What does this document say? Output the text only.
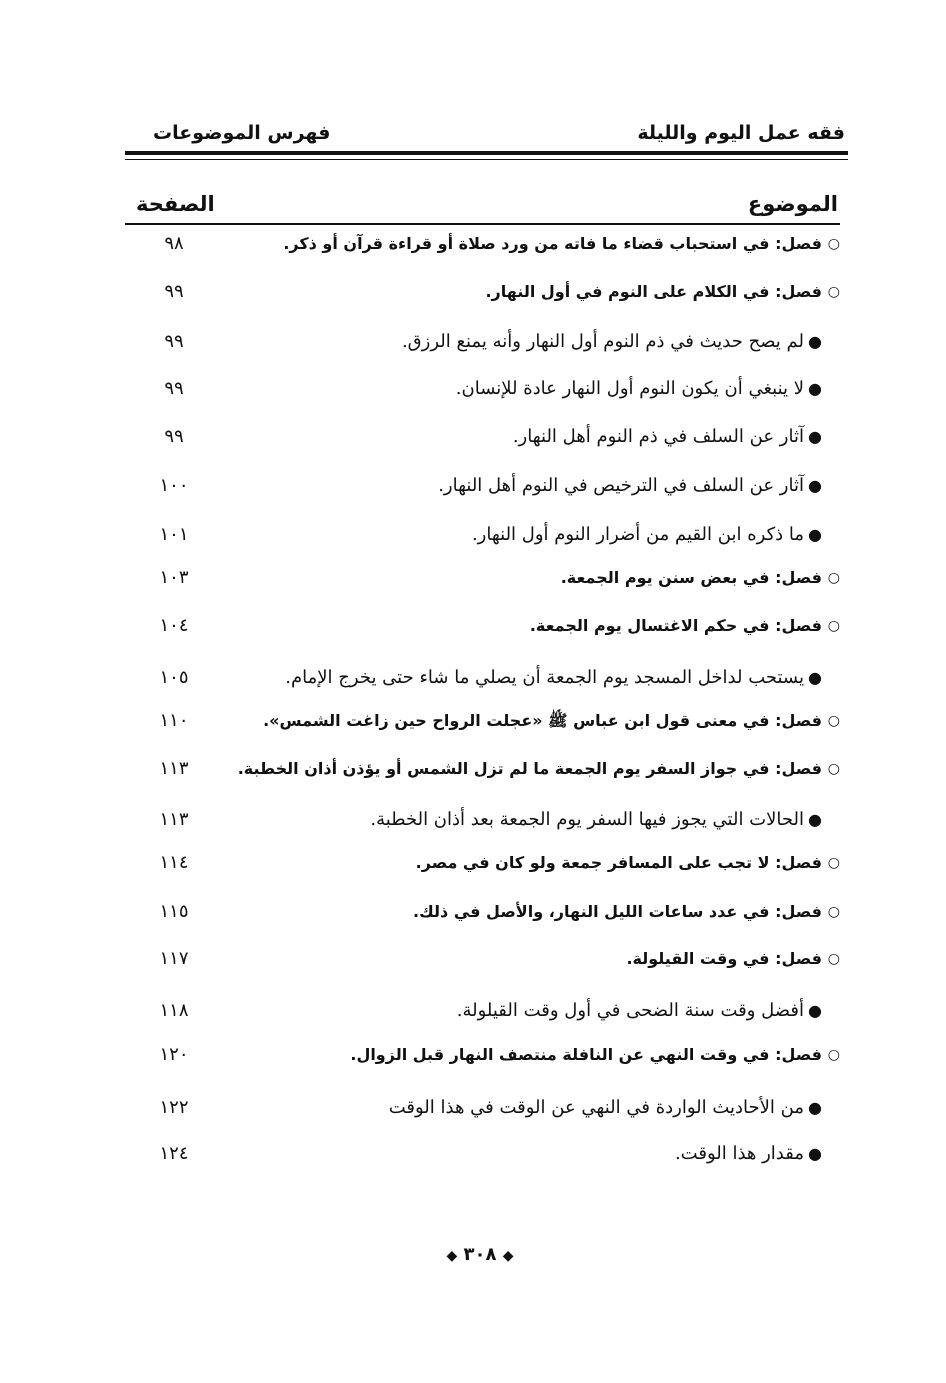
فقه عمل اليوم والليلة
فهرس الموضوعات
الموضوع
الصفحة
○
فصل: في استحباب قضاء ما فاته من ورد صلاة أو قراءة قرآن أو ذكر.
٩٨
○
فصل: في الكلام على النوم في أول النهار.
٩٩
●
لم يصح حديث في ذم النوم أول النهار وأنه يمنع الرزق.
٩٩
●
لا ينبغي أن يكون النوم أول النهار عادة للإنسان.
٩٩
●
آثار عن السلف في ذم النوم أهل النهار.
٩٩
●
آثار عن السلف في الترخيص في النوم أهل النهار.
١٠٠
●
ما ذكره ابن القيم من أضرار النوم أول النهار.
١٠١
○
فصل: في بعض سنن يوم الجمعة.
١٠٣
○
فصل: في حكم الاغتسال يوم الجمعة.
١٠٤
●
يستحب لداخل المسجد يوم الجمعة أن يصلي ما شاء حتى يخرج الإمام.
١٠٥
○
فصل: في معنى قول ابن عباس ﷺ «عجلت الرواح حين زاغت الشمس».
١١٠
○
فصل: في جواز السفر يوم الجمعة ما لم تزل الشمس أو يؤذن أذان الخطبة.
١١٣
●
الحالات التي يجوز فيها السفر يوم الجمعة بعد أذان الخطبة.
١١٣
○
فصل: لا تجب على المسافر جمعة ولو كان في مصر.
١١٤
○
فصل: في عدد ساعات الليل النهار، والأصل في ذلك.
١١٥
○
فصل: في وقت القيلولة.
١١٧
●
أفضل وقت سنة الضحى في أول وقت القيلولة.
١١٨
○
فصل: في وقت النهي عن النافلة منتصف النهار قبل الزوال.
١٢٠
●
من الأحاديث الواردة في النهي عن الوقت في هذا الوقت
١٢٢
●
مقدار هذا الوقت.
١٢٤
◆ ٣٠٨ ◆
